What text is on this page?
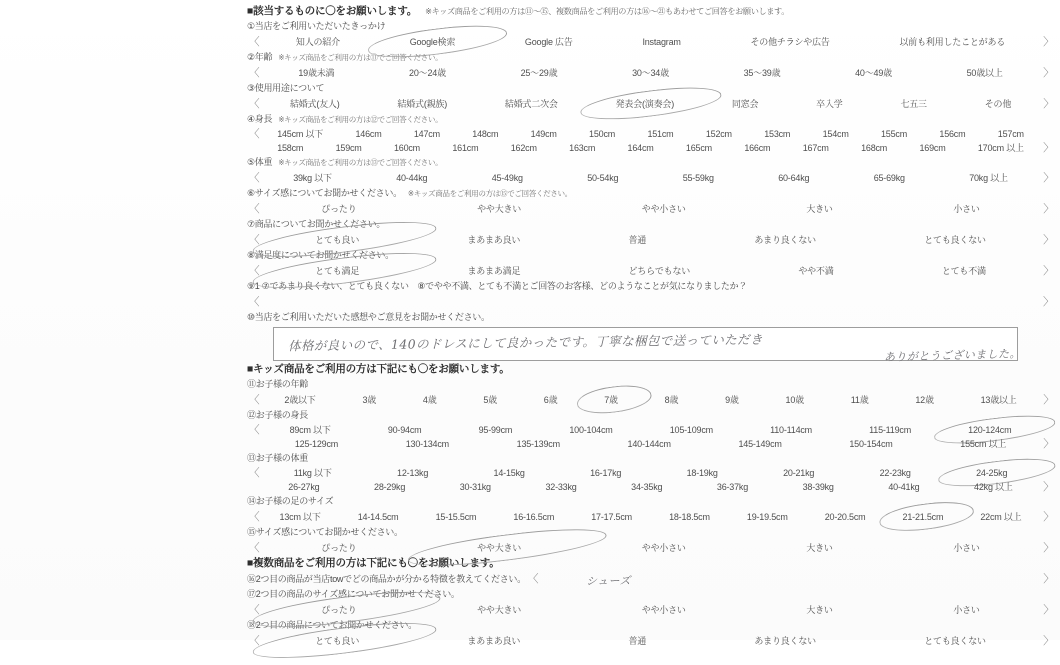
■該当するものに〇をお願いします。 ※キッズ商品をご利用の方は⑪～⑮、複数商品をご利用の方は⑯～㉑もあわせてご回答をお願いします。
①当店をご利用いただいたきっかけ
〈	知人の紹介	Google検索	Google 広告	Instagram	その他チラシや広告	以前も利用したことがある	〉
②年齢 ※キッズ商品をご利用の方は⑪でご回答ください。
〈	19歳未満	20～24歳	25～29歳	30～34歳	35～39歳	40～49歳	50歳以上	〉
③使用用途について
〈	結婚式(友人)	結婚式(親族)	結婚式二次会	発表会(演奏会)	同窓会	卒入学	七五三	その他	〉
④身長 ※キッズ商品をご利用の方は⑫でご回答ください。
〈	145cm 以下	146cm	147cm	148cm	149cm	150cm	151cm	152cm	153cm	154cm	155cm	156cm	157cm
158cm	159cm	160cm	161cm	162cm	163cm	164cm	165cm	166cm	167cm	168cm	169cm	170cm 以上	〉
⑤体重 ※キッズ商品をご利用の方は⑬でご回答ください。
〈	39kg 以下	40-44kg	45-49kg	50-54kg	55-59kg	60-64kg	65-69kg	70kg 以上	〉
⑥サイズ感についてお聞かせください。 ※キッズ商品をご利用の方は⑮でご回答ください。
〈	ぴったり	やや大きい	やや小さい	大きい	小さい	〉
⑦商品についてお聞かせください。
〈	とても良い	まあまあ良い	普通	あまり良くない	とても良くない	〉
⑧満足度についてお聞かせください。
〈	とても満足	まあまあ満足	どちらでもない	やや不満	とても不満	〉
⑨1 ⑦であまり良くない、とても良くない　⑧でやや不満、とても不満とご回答のお客様、どのようなことが気になりましたか？
〈	〉
⑩当店をご利用いただいた感想やご意見をお聞かせください。
体格が良いので、140のドレスにして良かったです。丁寧な梱包で送っていただき
ありがとうございました。
■キッズ商品をご利用の方は下記にも〇をお願いします。
⑪お子様の年齢
〈	2歳以下	3歳	4歳	5歳	6歳	7歳	8歳	9歳	10歳	11歳	12歳	13歳以上	〉
⑫お子様の身長
〈	89cm 以下	90-94cm	95-99cm	100-104cm	105-109cm	110-114cm	115-119cm	120-124cm
125-129cm	130-134cm	135-139cm	140-144cm	145-149cm	150-154cm	155cm 以上	〉
⑬お子様の体重
〈	11kg 以下	12-13kg	14-15kg	16-17kg	18-19kg	20-21kg	22-23kg	24-25kg
26-27kg	28-29kg	30-31kg	32-33kg	34-35kg	36-37kg	38-39kg	40-41kg	42kg 以上	〉
⑭お子様の足のサイズ
〈	13cm 以下	14-14.5cm	15-15.5cm	16-16.5cm	17-17.5cm	18-18.5cm	19-19.5cm	20-20.5cm	21-21.5cm	22cm 以上	〉
⑮サイズ感についてお聞かせください。
〈	ぴったり	やや大きい	やや小さい	大きい	小さい	〉
■複数商品をご利用の方は下記にも〇をお願いします。
⑯ 2つ目の商品が当店towでどの商品かが分かる特徴を教えてください。 〈	シューズ	〉
⑰2つ目の商品のサイズ感についてお聞かせください。
〈	ぴったり	やや大きい	やや小さい	大きい	小さい	〉
⑱2つ目の商品についてお聞かせください。
〈	とても良い	まあまあ良い	普通	あまり良くない	とても良くない	〉
